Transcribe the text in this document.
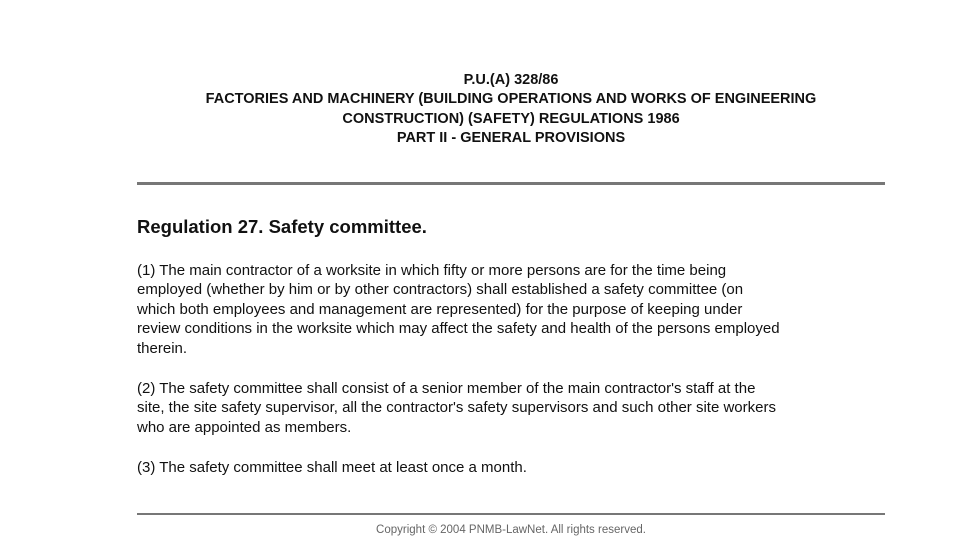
P.U.(A) 328/86
FACTORIES AND MACHINERY (BUILDING OPERATIONS AND WORKS OF ENGINEERING
CONSTRUCTION) (SAFETY) REGULATIONS 1986
PART II - GENERAL PROVISIONS
Regulation 27. Safety committee.
(1) The main contractor of a worksite in which fifty or more persons are for the time being
employed (whether by him or by other contractors) shall established a safety committee (on
which both employees and management are represented) for the purpose of keeping under
review conditions in the worksite which may affect the safety and health of the persons employed
therein.
(2) The safety committee shall consist of a senior member of the main contractor's staff at the
site, the site safety supervisor, all the contractor's safety supervisors and such other site workers
who are appointed as members.
(3) The safety committee shall meet at least once a month.
Copyright © 2004 PNMB-LawNet. All rights reserved.
